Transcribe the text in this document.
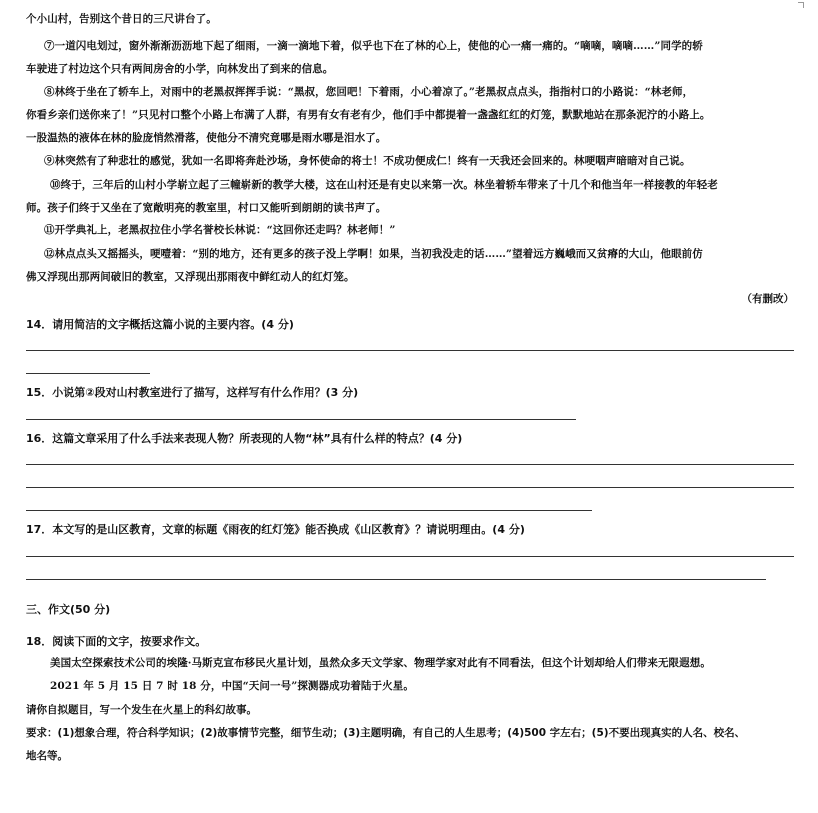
个小山村，告别这个昔日的三尺讲台了。
⑦一道闪电划过，窗外渐渐沥沥地下起了细雨，一滴一滴地下着，似乎也下在了林的心上，使他的心一痛一痛的。“嘀嘀，嘀嘀……”同学的轿
车驶进了村边这个只有两间房舍的小学，向林发出了到来的信息。
⑧林终于坐在了轿车上，对雨中的老黑叔挥挥手说：“黑叔，您回吧！下着雨，小心着凉了。”老黑叔点点头，指指村口的小路说：“林老师，
你看乡亲们送你来了！”只见村口整个小路上布满了人群，有男有女有老有少，他们手中都提着一盏盏红红的灯笼，默默地站在那条泥泞的小路上。
一股温热的液体在林的脸庞悄然滑落，使他分不清究竟哪是雨水哪是泪水了。
⑨林突然有了种悲壮的感觉，犹如一名即将奔赴沙场，身怀使命的将士！不成功便成仁！终有一天我还会回来的。林哽咽声暗暗对自己说。
⑩终于，三年后的山村小学崭立起了三幢崭新的教学大楼，这在山村还是有史以来第一次。林坐着轿车带来了十几个和他当年一样接教的年轻老
师。孩子们终于又坐在了宽敞明亮的教室里，村口又能听到朗朗的读书声了。
⑪开学典礼上，老黑叔拉住小学名誉校长林说：“这回你还走吗？林老师！”
⑫林点点头又摇摇头，哽噎着：“别的地方，还有更多的孩子没上学啊！如果，当初我没走的话……”望着远方巍峨而又贫瘠的大山，他眼前仿
佛又浮现出那两间破旧的教室，又浮现出那雨夜中鲜红动人的红灯笼。
（有删改）
14．请用简洁的文字概括这篇小说的主要内容。(4 分)
15．小说第②段对山村教室进行了描写，这样写有什么作用？(3 分)
16．这篇文章采用了什么手法来表现人物？所表现的人物“林”具有什么样的特点？(4 分)
17．本文写的是山区教育，文章的标题《雨夜的红灯笼》能否换成《山区教育》？请说明理由。(4 分)
三、作文(50 分)
18．阅读下面的文字，按要求作文。
美国太空探索技术公司的埃隆·马斯克宣布移民火星计划，虽然众多天文学家、物理学家对此有不同看法，但这个计划却给人们带来无限遐想。
2021 年 5 月 15 日 7 时 18 分，中国“天问一号”探测器成功着陆于火星。
请你自拟题目，写一个发生在火星上的科幻故事。
要求：(1)想象合理，符合科学知识；(2)故事情节完整，细节生动；(3)主题明确，有自己的人生思考；(4)500 字左右；(5)不要出现真实的人名、校名、
地名等。
